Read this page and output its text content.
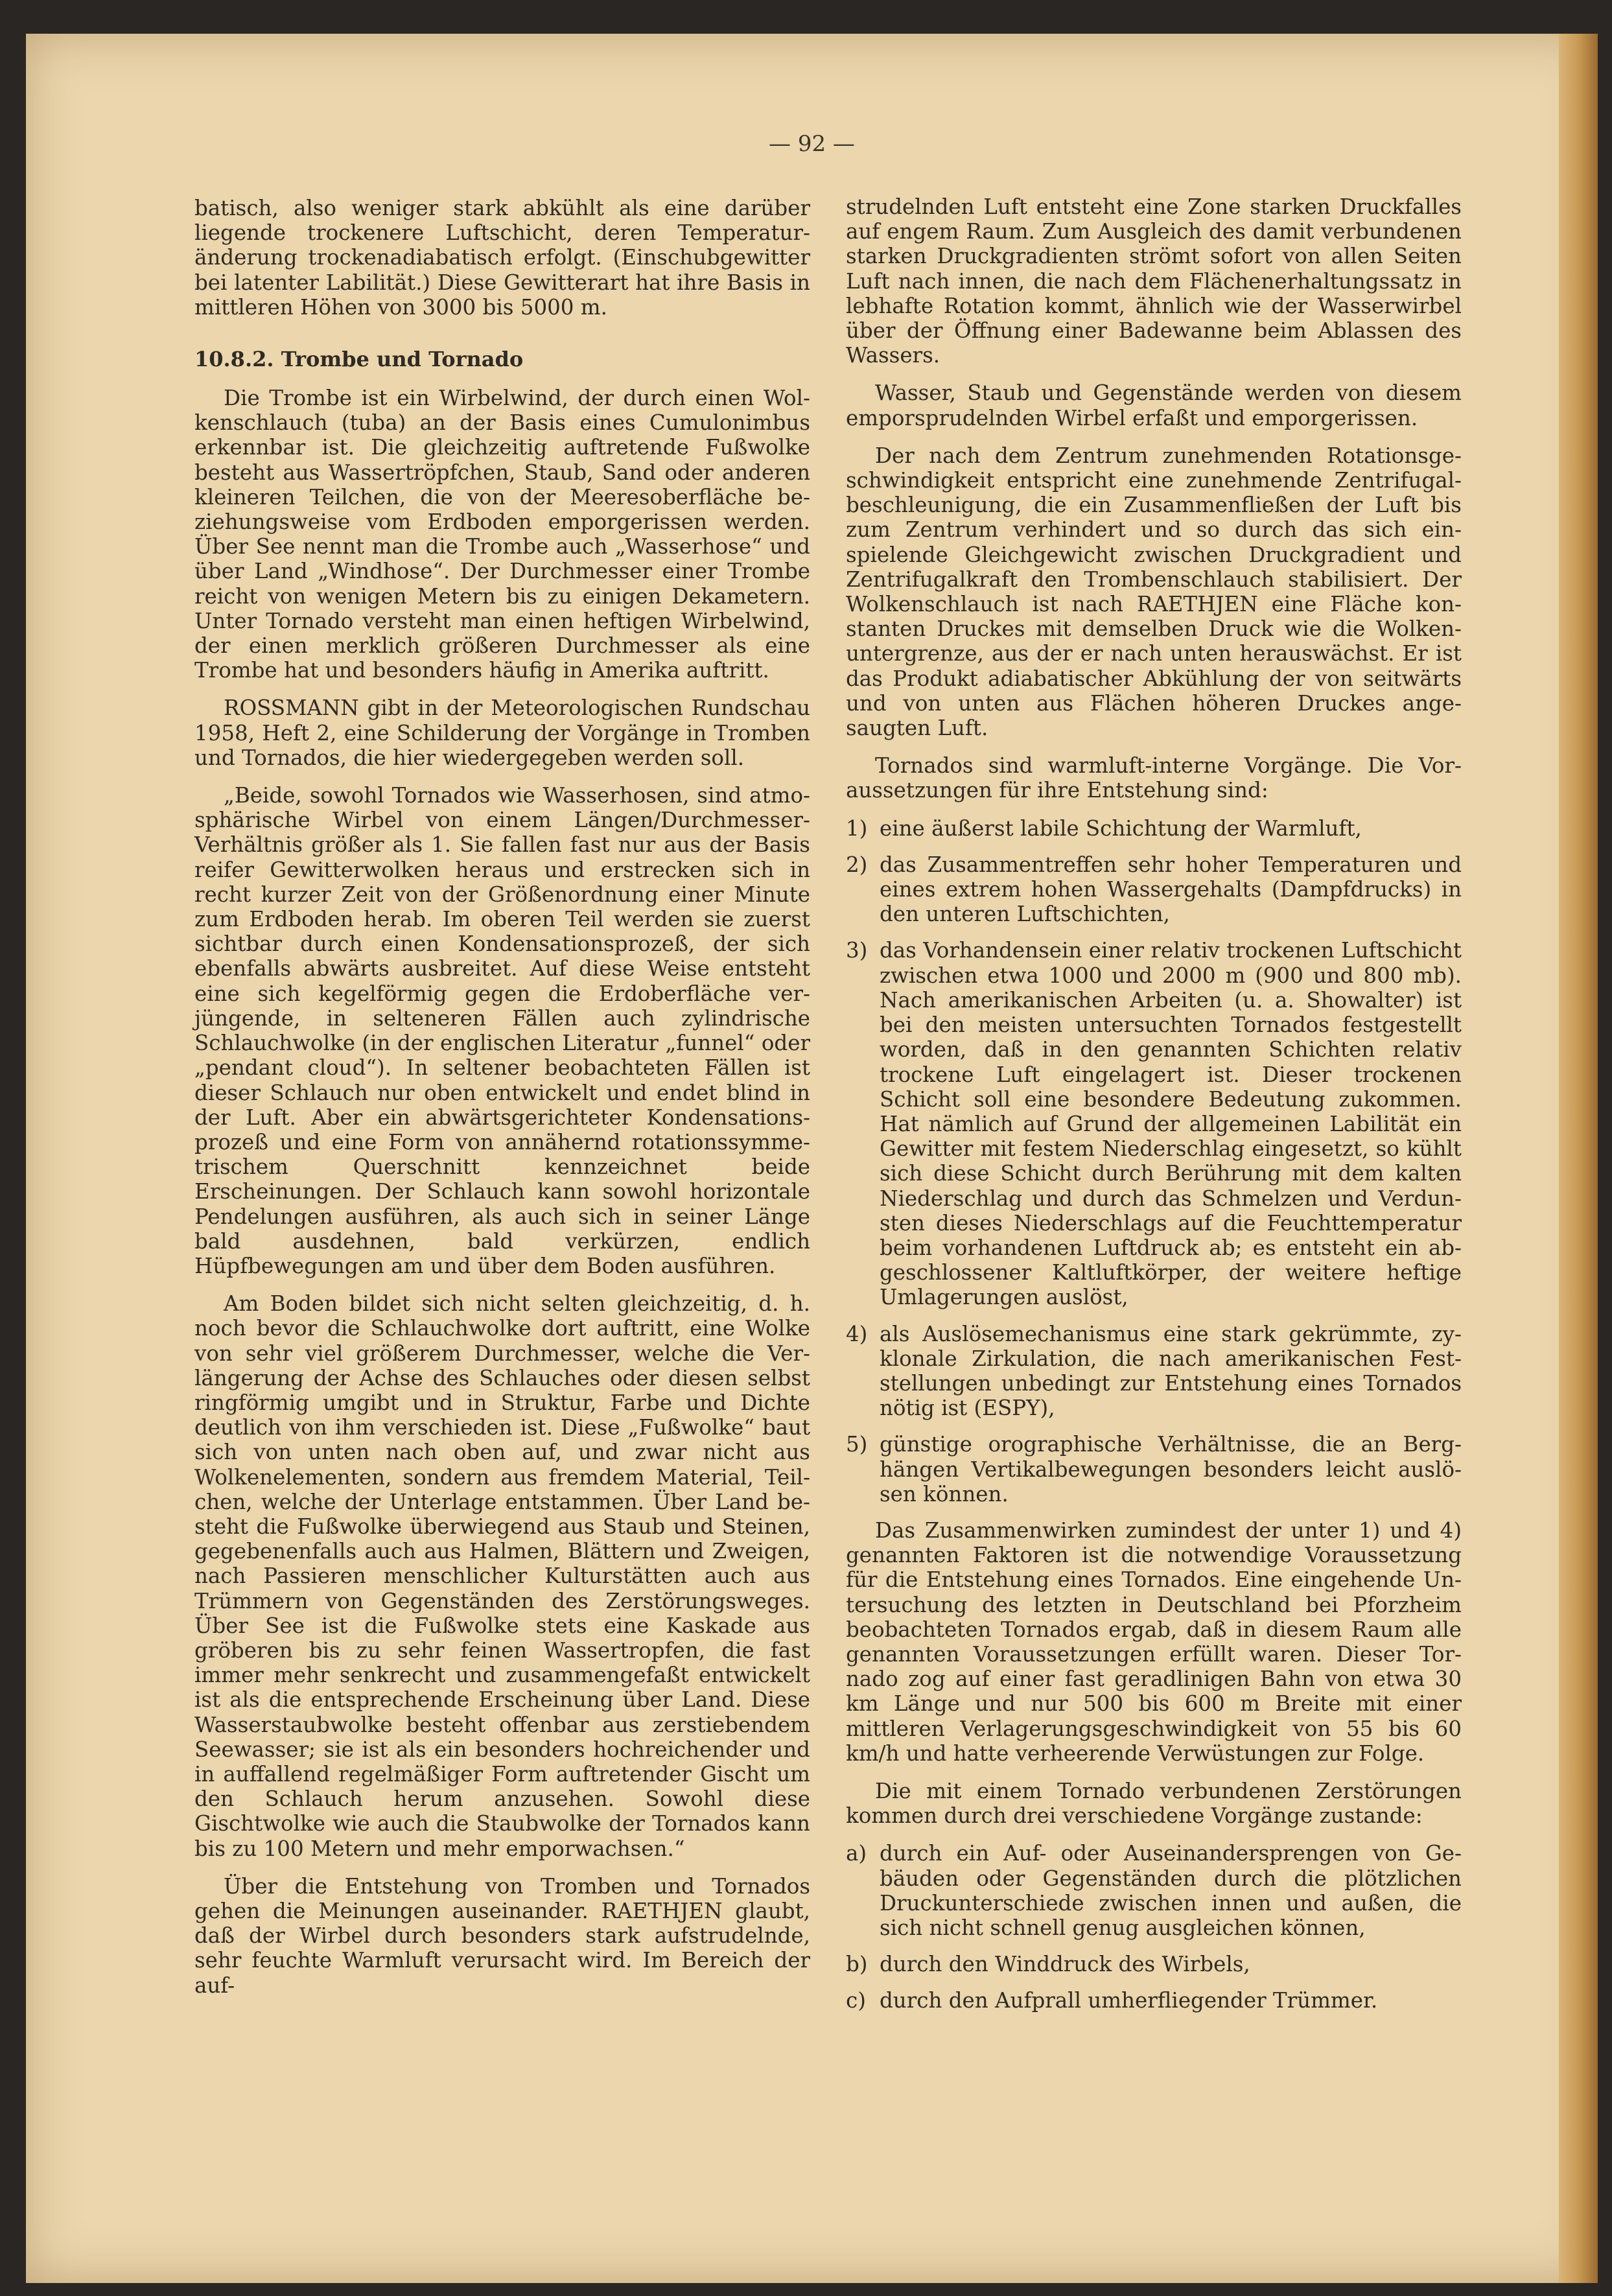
— 92 —

batisch, also weniger stark abkühlt als eine darüber liegende trockenere Luftschicht, deren Temperaturänderung trockenadiabatisch erfolgt. (Einschubgewitter bei latenter Labilität.) Diese Gewitterart hat ihre Basis in mittleren Höhen von 3000 bis 5000 m.

10.8.2. Trombe und Tornado

Die Trombe ist ein Wirbelwind, der durch einen Wolkenschlauch (tuba) an der Basis eines Cumulonimbus erkennbar ist. Die gleichzeitig auftretende Fußwolke besteht aus Wassertröpfchen, Staub, Sand oder anderen kleineren Teilchen, die von der Meeresoberfläche beziehungsweise vom Erdboden emporgerissen werden. Über See nennt man die Trombe auch „Wasserhose“ und über Land „Windhose“. Der Durchmesser einer Trombe reicht von wenigen Metern bis zu einigen Dekametern. Unter Tornado versteht man einen heftigen Wirbelwind, der einen merklich größeren Durchmesser als eine Trombe hat und besonders häufig in Amerika auftritt.

ROSSMANN gibt in der Meteorologischen Rundschau 1958, Heft 2, eine Schilderung der Vorgänge in Tromben und Tornados, die hier wiedergegeben werden soll.

„Beide, sowohl Tornados wie Wasserhosen, sind atmosphärische Wirbel von einem Längen/Durchmesser-Verhältnis größer als 1. Sie fallen fast nur aus der Basis reifer Gewitterwolken heraus und erstrecken sich in recht kurzer Zeit von der Größenordnung einer Minute zum Erdboden herab. Im oberen Teil werden sie zuerst sichtbar durch einen Kondensationsprozeß, der sich ebenfalls abwärts ausbreitet. Auf diese Weise entsteht eine sich kegelförmig gegen die Erdoberfläche verjüngende, in selteneren Fällen auch zylindrische Schlauchwolke (in der englischen Literatur „funnel“ oder „pendant cloud“). In seltener beobachteten Fällen ist dieser Schlauch nur oben entwickelt und endet blind in der Luft. Aber ein abwärtsgerichteter Kondensationsprozeß und eine Form von annähernd rotationssymmetrischem Querschnitt kennzeichnet beide Erscheinungen. Der Schlauch kann sowohl horizontale Pendelungen ausführen, als auch sich in seiner Länge bald ausdehnen, bald verkürzen, endlich Hüpfbewegungen am und über dem Boden ausführen.

Am Boden bildet sich nicht selten gleichzeitig, d. h. noch bevor die Schlauchwolke dort auftritt, eine Wolke von sehr viel größerem Durchmesser, welche die Verlängerung der Achse des Schlauches oder diesen selbst ringförmig umgibt und in Struktur, Farbe und Dichte deutlich von ihm verschieden ist. Diese „Fußwolke“ baut sich von unten nach oben auf, und zwar nicht aus Wolkenelementen, sondern aus fremdem Material, Teilchen, welche der Unterlage entstammen. Über Land besteht die Fußwolke überwiegend aus Staub und Steinen, gegebenenfalls auch aus Halmen, Blättern und Zweigen, nach Passieren menschlicher Kulturstätten auch aus Trümmern von Gegenständen des Zerstörungsweges. Über See ist die Fußwolke stets eine Kaskade aus gröberen bis zu sehr feinen Wassertropfen, die fast immer mehr senkrecht und zusammengefaßt entwickelt ist als die entsprechende Erscheinung über Land. Diese Wasserstaubwolke besteht offenbar aus zerstiebendem Seewasser; sie ist als ein besonders hochreichender und in auffallend regelmäßiger Form auftretender Gischt um den Schlauch herum anzusehen. Sowohl diese Gischtwolke wie auch die Staubwolke der Tornados kann bis zu 100 Metern und mehr emporwachsen.“

Über die Entstehung von Tromben und Tornados gehen die Meinungen auseinander. RAETHJEN glaubt, daß der Wirbel durch besonders stark aufstrudelnde, sehr feuchte Warmluft verursacht wird. Im Bereich der auf-

strudelnden Luft entsteht eine Zone starken Druckfalles auf engem Raum. Zum Ausgleich des damit verbundenen starken Druckgradienten strömt sofort von allen Seiten Luft nach innen, die nach dem Flächenerhaltungssatz in lebhafte Rotation kommt, ähnlich wie der Wasserwirbel über der Öffnung einer Badewanne beim Ablassen des Wassers.

Wasser, Staub und Gegenstände werden von diesem emporsprudelnden Wirbel erfaßt und emporgerissen.

Der nach dem Zentrum zunehmenden Rotationsgeschwindigkeit entspricht eine zunehmende Zentrifugalbeschleunigung, die ein Zusammenfließen der Luft bis zum Zentrum verhindert und so durch das sich einspielende Gleichgewicht zwischen Druckgradient und Zentrifugalkraft den Trombenschlauch stabilisiert. Der Wolkenschlauch ist nach RAETHJEN eine Fläche konstanten Druckes mit demselben Druck wie die Wolkenuntergrenze, aus der er nach unten herauswächst. Er ist das Produkt adiabatischer Abkühlung der von seitwärts und von unten aus Flächen höheren Druckes angesaugten Luft.

Tornados sind warmluft-interne Vorgänge. Die Voraussetzungen für ihre Entstehung sind:

1) eine äußerst labile Schichtung der Warmluft,
2) das Zusammentreffen sehr hoher Temperaturen und eines extrem hohen Wassergehalts (Dampfdrucks) in den unteren Luftschichten,
3) das Vorhandensein einer relativ trockenen Luftschicht zwischen etwa 1000 und 2000 m (900 und 800 mb). Nach amerikanischen Arbeiten (u. a. Showalter) ist bei den meisten untersuchten Tornados festgestellt worden, daß in den genannten Schichten relativ trockene Luft eingelagert ist. Dieser trockenen Schicht soll eine besondere Bedeutung zukommen. Hat nämlich auf Grund der allgemeinen Labilität ein Gewitter mit festem Niederschlag eingesetzt, so kühlt sich diese Schicht durch Berührung mit dem kalten Niederschlag und durch das Schmelzen und Verdunsten dieses Niederschlags auf die Feuchttemperatur beim vorhandenen Luftdruck ab; es entsteht ein abgeschlossener Kaltluftkörper, der weitere heftige Umlagerungen auslöst,
4) als Auslösemechanismus eine stark gekrümmte, zyklonale Zirkulation, die nach amerikanischen Feststellungen unbedingt zur Entstehung eines Tornados nötig ist (ESPY),
5) günstige orographische Verhältnisse, die an Berghängen Vertikalbewegungen besonders leicht auslösen können.

Das Zusammenwirken zumindest der unter 1) und 4) genannten Faktoren ist die notwendige Voraussetzung für die Entstehung eines Tornados. Eine eingehende Untersuchung des letzten in Deutschland bei Pforzheim beobachteten Tornados ergab, daß in diesem Raum alle genannten Voraussetzungen erfüllt waren. Dieser Tornado zog auf einer fast geradlinigen Bahn von etwa 30 km Länge und nur 500 bis 600 m Breite mit einer mittleren Verlagerungsgeschwindigkeit von 55 bis 60 km/h und hatte verheerende Verwüstungen zur Folge.

Die mit einem Tornado verbundenen Zerstörungen kommen durch drei verschiedene Vorgänge zustande:

a) durch ein Auf- oder Auseinandersprengen von Gebäuden oder Gegenständen durch die plötzlichen Druckunterschiede zwischen innen und außen, die sich nicht schnell genug ausgleichen können,
b) durch den Winddruck des Wirbels,
c) durch den Aufprall umherfliegender Trümmer.
